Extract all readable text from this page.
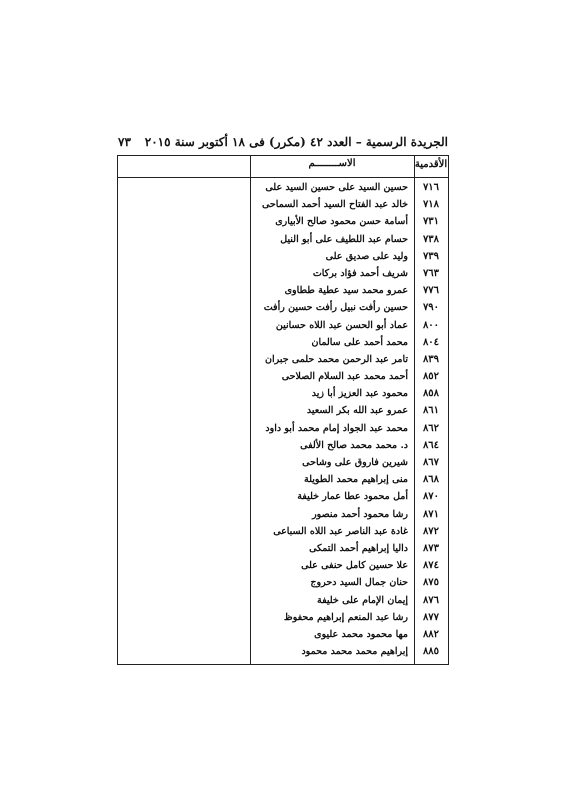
الجريدة الرسمية – العدد ٤٢ (مكرر) فى ١٨ أكتوبر سنة ٢٠١٥
٧٣
الأقدمية
الاســــــــم
٧١٦
حسين السيد على حسين السيد على
٧١٨
خالد عبد الفتاح السيد أحمد السماحى
٧٣١
أسامة حسن محمود صالح الأبيارى
٧٣٨
حسام عبد اللطيف على أبو النيل
٧٣٩
وليد على صديق على
٧٦٣
شريف أحمد فؤاد بركات
٧٧٦
عمرو محمد سيد عطية ططاوى
٧٩٠
حسين رأفت نبيل رأفت حسين رأفت
٨٠٠
عماد أبو الحسن عبد اللاه حسانين
٨٠٤
محمد أحمد على سالمان
٨٣٩
تامر عبد الرحمن محمد حلمى جبران
٨٥٢
أحمد محمد عبد السلام الصلاحى
٨٥٨
محمود عبد العزيز أبا زيد
٨٦١
عمرو عبد الله بكر السعيد
٨٦٢
محمد عبد الجواد إمام محمد أبو داود
٨٦٤
د. محمد محمد صالح الألفى
٨٦٧
شيرين فاروق على وشاحى
٨٦٨
منى إبراهيم محمد الطويلة
٨٧٠
أمل محمود عطا عمار خليفة
٨٧١
رشا محمود أحمد منصور
٨٧٢
غادة عبد الناصر عبد اللاه السباعى
٨٧٣
داليا إبراهيم أحمد التمكى
٨٧٤
علا حسين كامل حنفى على
٨٧٥
حنان جمال السيد دحروج
٨٧٦
إيمان الإمام على خليفة
٨٧٧
رشا عبد المنعم إبراهيم محفوظ
٨٨٢
مها محمود محمد عليوى
٨٨٥
إبراهيم محمد محمد محمود
